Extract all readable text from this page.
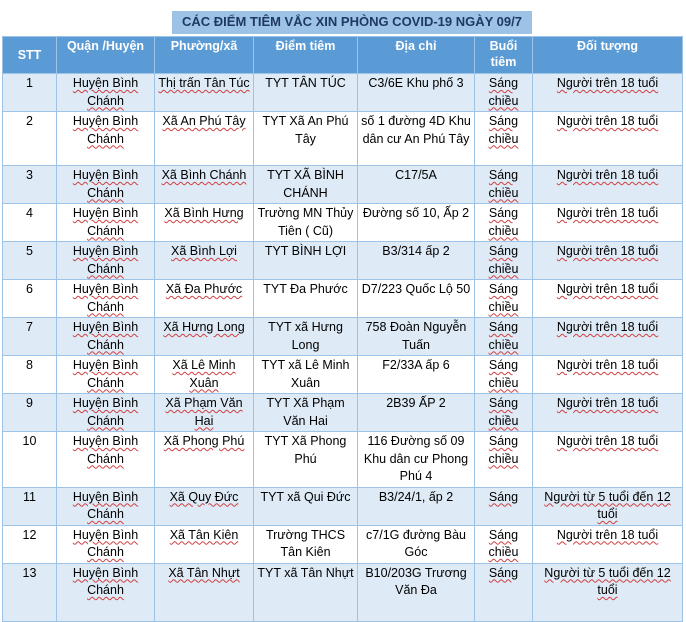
CÁC ĐIỂM TIÊM VẮC XIN PHÒNG COVID-19 NGÀY 09/7
STT	Quận /Huyện	Phường/xã	Điểm tiêm	Địa chỉ	Buổi tiêm	Đối tượng
1	Huyện Bình Chánh	Thị trấn Tân Túc	TYT TÂN TÚC	C3/6E Khu phố 3	Sáng chiều	Người trên 18 tuổi
2	Huyện Bình Chánh	Xã An Phú Tây	TYT Xã An Phú Tây	số 1 đường 4D Khu dân cư An Phú Tây	Sáng chiều	Người trên 18 tuổi
3	Huyện Bình Chánh	Xã Bình Chánh	TYT XÃ BÌNH CHÁNH	C17/5A	Sáng chiều	Người trên 18 tuổi
4	Huyện Bình Chánh	Xã Bình Hưng	Trường MN Thủy Tiên ( Cũ)	Đường số 10, Ấp 2	Sáng chiều	Người trên 18 tuổi
5	Huyện Bình Chánh	Xã Bình Lợi	TYT BÌNH LỢI	B3/314 ấp 2	Sáng chiều	Người trên 18 tuổi
6	Huyện Bình Chánh	Xã Đa Phước	TYT Đa Phước	D7/223 Quốc Lộ 50	Sáng chiều	Người trên 18 tuổi
7	Huyện Bình Chánh	Xã Hưng Long	TYT xã Hưng Long	758 Đoàn Nguyễn Tuấn	Sáng chiều	Người trên 18 tuổi
8	Huyện Bình Chánh	Xã Lê Minh Xuân	TYT xã Lê Minh Xuân	F2/33A ấp 6	Sáng chiều	Người trên 18 tuổi
9	Huyện Bình Chánh	Xã Phạm Văn Hai	TYT Xã Phạm Văn Hai	2B39 ẤP 2	Sáng chiều	Người trên 18 tuổi
10	Huyện Bình Chánh	Xã Phong Phú	TYT Xã Phong Phú	116 Đường số 09 Khu dân cư Phong Phú 4	Sáng chiều	Người trên 18 tuổi
11	Huyện Bình Chánh	Xã Quy Đức	TYT xã Qui Đức	B3/24/1, ấp 2	Sáng	Người từ 5 tuổi đến 12 tuổi
12	Huyện Bình Chánh	Xã Tân Kiên	Trường THCS Tân Kiên	c7/1G đường Bàu Góc	Sáng chiều	Người trên 18 tuổi
13	Huyện Bình Chánh	Xã Tân Nhựt	TYT xã Tân Nhựt	B10/203G Trương Văn Đa	Sáng	Người từ 5 tuổi đến 12 tuổi
